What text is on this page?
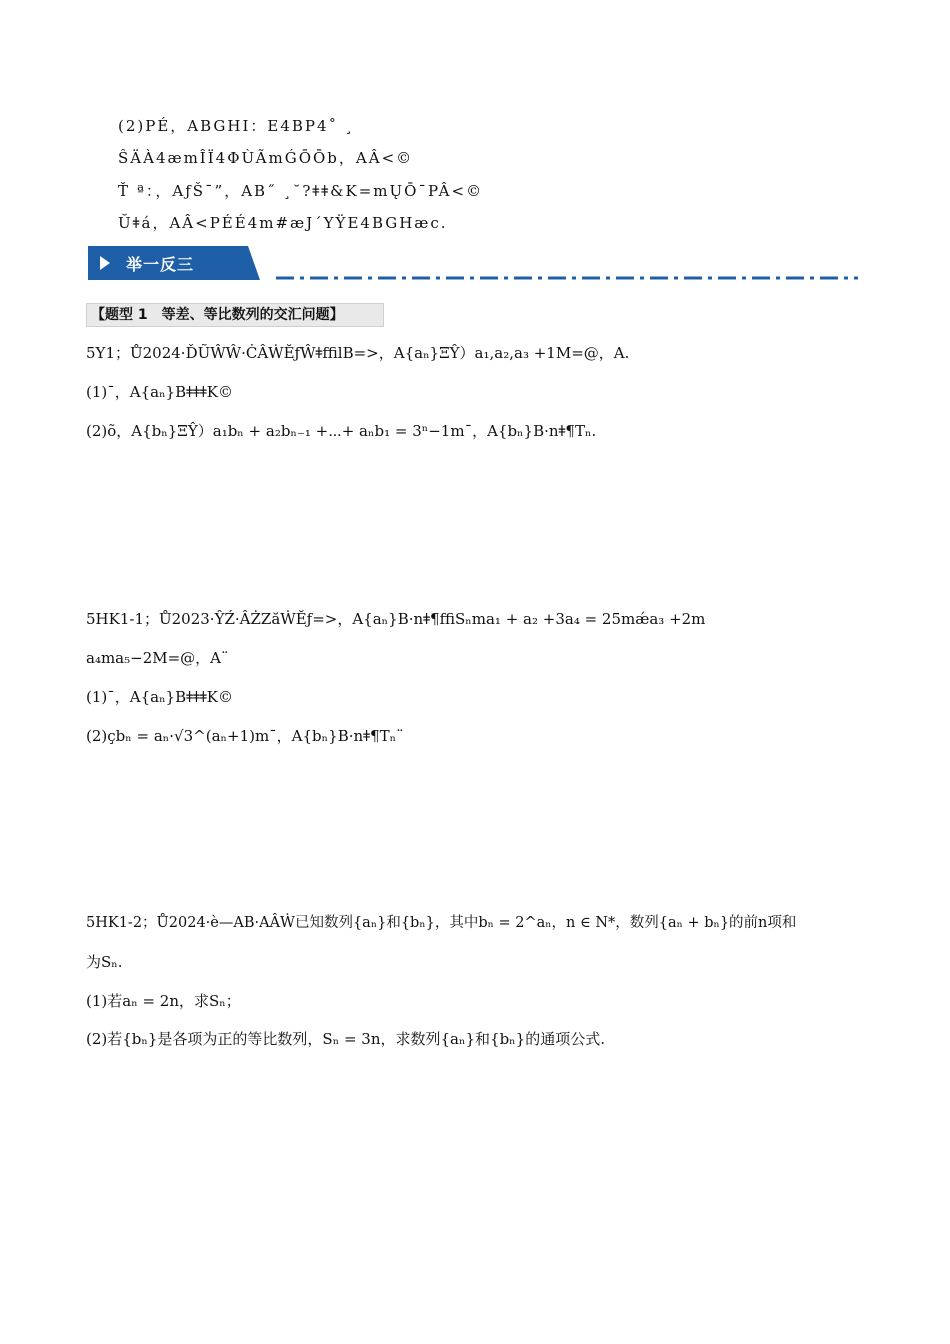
(2)PÉ，ABGHI：E4BP4˚ ¸
ŜÄÀ4æmÎÏ4ΦÙÃmǴŌŌb，AÂ<©
Ť ª：，AƒŠ¯”，AB˝ ¸˘?ǂǂ&K=mŲŌ¯PÂ<©
Ŭǂá，AÂ<PÉÉ4m#æJ´YŸE4BGHæc.
举一反三
【题型 1　等差、等比数列的交汇问题】
5Y1；Ů2024·ĎŨŴŴ·ĊÂẆĔƒŴǂﬃlB=>，A{aₙ}ΞŶ）a₁,a₂,a₃ +1M=@，A.
(1)¯，A{aₙ}BǂǂǂK©
(2)õ，A{bₙ}ΞŶ）a₁bₙ + a₂bₙ₋₁ +⋯+ aₙb₁ = 3ⁿ−1m¯，A{bₙ}B·nǂ¶Tₙ.
5HK1-1；Ů2023·ŶŹ·ÂŻZăẆĔƒ=>，A{aₙ}B·nǂ¶ﬃSₙma₁ + a₂ +3a₄ = 25mǽa₃ +2m
a₄ma₅−2M=@，A¨
(1)¯，A{aₙ}BǂǂǂK©
(2)çbₙ = aₙ·√3^(aₙ+1)m¯，A{bₙ}B·nǂ¶Tₙ¨
5HK1-2；Ů2024·è—AB·AÂẆ已知数列{aₙ}和{bₙ}，其中bₙ = 2^aₙ，n ∈ N*，数列{aₙ + bₙ}的前n项和
为Sₙ.
(1)若aₙ = 2n，求Sₙ；
(2)若{bₙ}是各项为正的等比数列，Sₙ = 3n，求数列{aₙ}和{bₙ}的通项公式.
